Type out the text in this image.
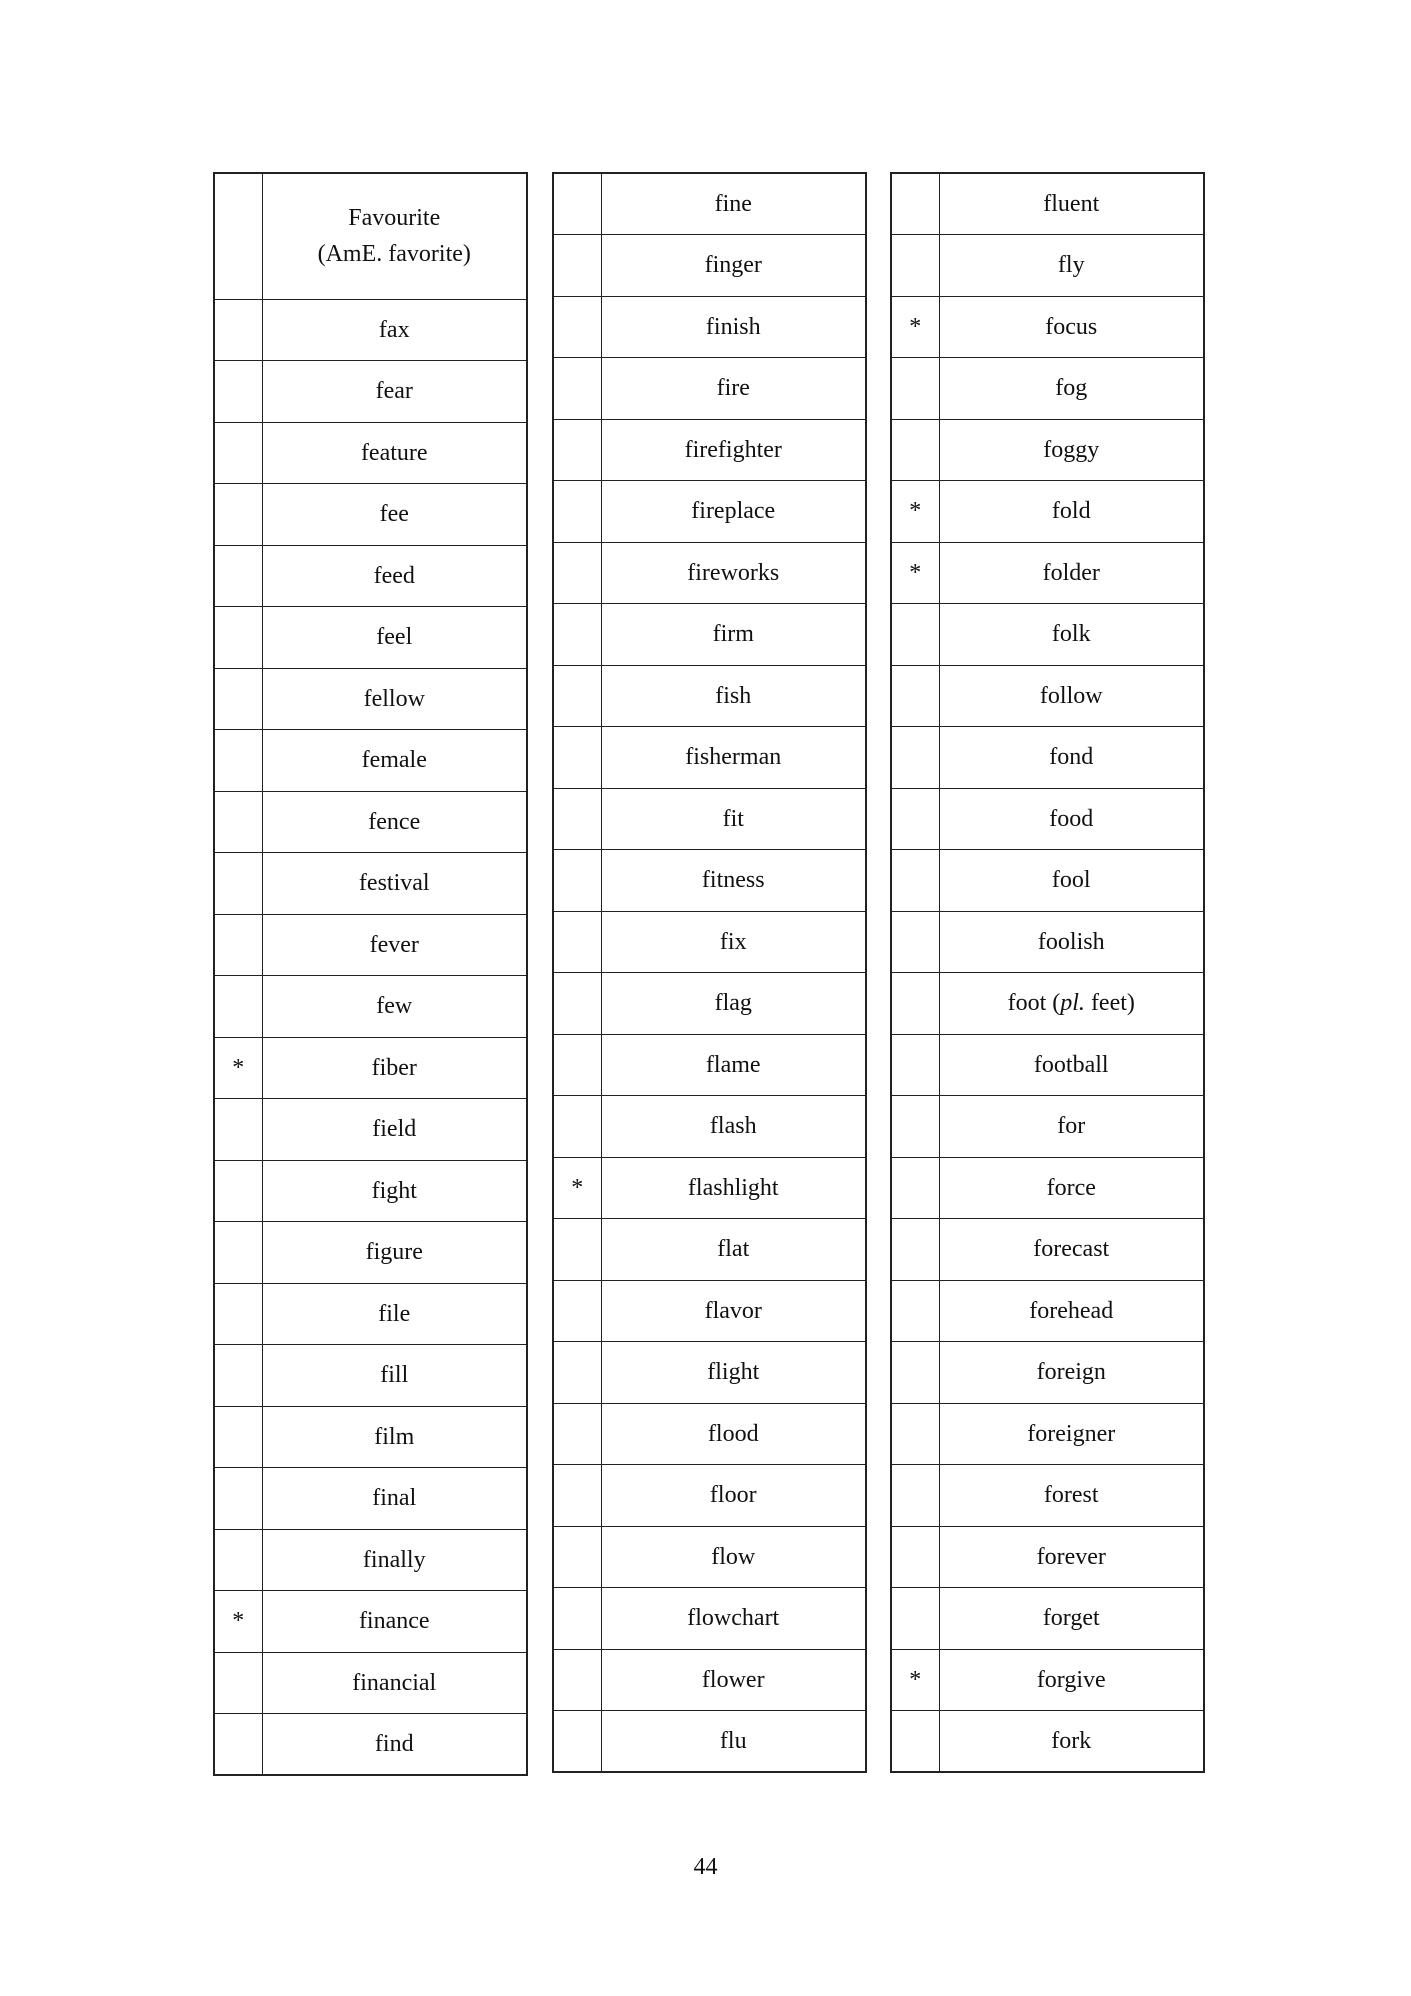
	Favourite
(AmE. favorite)

	fax
	fear
	feature
	fee
	feed
	feel
	fellow
	female
	fence
	festival
	fever
	few
*	fiber
	field
	fight
	figure
	file
	fill
	film
	final
	finally
*	finance
	financial
	find
	fine
	finger
	finish
	fire
	firefighter
	fireplace
	fireworks
	firm
	fish
	fisherman
	fit
	fitness
	fix
	flag
	flame
	flash
*	flashlight
	flat
	flavor
	flight
	flood
	floor
	flow
	flowchart
	flower
	flu
	fluent
	fly
*	focus
	fog
	foggy
*	fold
*	folder
	folk
	follow
	fond
	food
	fool
	foolish
	foot (pl. feet)
	football
	for
	force
	forecast
	forehead
	foreign
	foreigner
	forest
	forever
	forget
*	forgive
	fork
44
